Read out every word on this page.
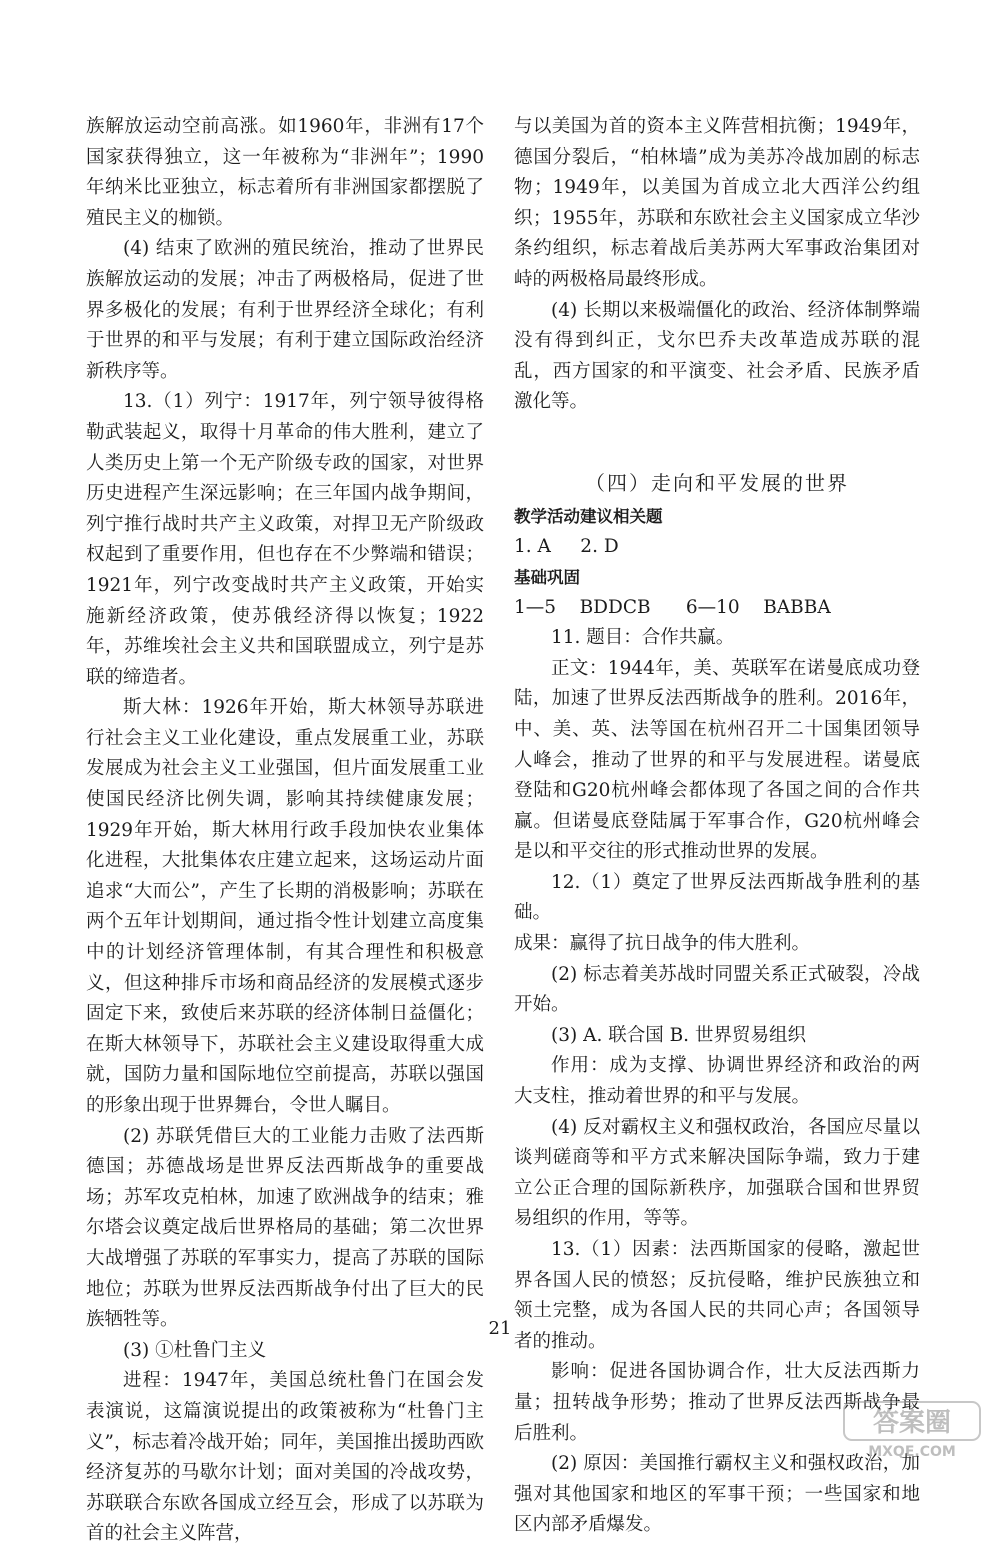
族解放运动空前高涨。如1960年，非洲有17个国家获得独立，这一年被称为“非洲年”；1990年纳米比亚独立，标志着所有非洲国家都摆脱了殖民主义的枷锁。

(4) 结束了欧洲的殖民统治，推动了世界民族解放运动的发展；冲击了两极格局，促进了世界多极化的发展；有利于世界经济全球化；有利于世界的和平与发展；有利于建立国际政治经济新秩序等。

13.（1）列宁：1917年，列宁领导彼得格勒武装起义，取得十月革命的伟大胜利，建立了人类历史上第一个无产阶级专政的国家，对世界历史进程产生深远影响；在三年国内战争期间，列宁推行战时共产主义政策，对捍卫无产阶级政权起到了重要作用，但也存在不少弊端和错误；1921年，列宁改变战时共产主义政策，开始实施新经济政策，使苏俄经济得以恢复；1922年，苏维埃社会主义共和国联盟成立，列宁是苏联的缔造者。

斯大林：1926年开始，斯大林领导苏联进行社会主义工业化建设，重点发展重工业，苏联发展成为社会主义工业强国，但片面发展重工业使国民经济比例失调，影响其持续健康发展；1929年开始，斯大林用行政手段加快农业集体化进程，大批集体农庄建立起来，这场运动片面追求“大而公”，产生了长期的消极影响；苏联在两个五年计划期间，通过指令性计划建立高度集中的计划经济管理体制，有其合理性和积极意义，但这种排斥市场和商品经济的发展模式逐步固定下来，致使后来苏联的经济体制日益僵化；在斯大林领导下，苏联社会主义建设取得重大成就，国防力量和国际地位空前提高，苏联以强国的形象出现于世界舞台，令世人瞩目。

(2) 苏联凭借巨大的工业能力击败了法西斯德国；苏德战场是世界反法西斯战争的重要战场；苏军攻克柏林，加速了欧洲战争的结束；雅尔塔会议奠定战后世界格局的基础；第二次世界大战增强了苏联的军事实力，提高了苏联的国际地位；苏联为世界反法西斯战争付出了巨大的民族牺牲等。

(3) ①杜鲁门主义

进程：1947年，美国总统杜鲁门在国会发表演说，这篇演说提出的政策被称为“杜鲁门主义”，标志着冷战开始；同年，美国推出援助西欧经济复苏的马歇尔计划；面对美国的冷战攻势，苏联联合东欧各国成立经互会，形成了以苏联为首的社会主义阵营，

与以美国为首的资本主义阵营相抗衡；1949年，德国分裂后，“柏林墙”成为美苏冷战加剧的标志物；1949年，以美国为首成立北大西洋公约组织；1955年，苏联和东欧社会主义国家成立华沙条约组织，标志着战后美苏两大军事政治集团对峙的两极格局最终形成。

(4) 长期以来极端僵化的政治、经济体制弊端没有得到纠正，戈尔巴乔夫改革造成苏联的混乱，西方国家的和平演变、社会矛盾、民族矛盾激化等。

（四）走向和平发展的世界

教学活动建议相关题

1. A     2. D

基础巩固

1—5    BDDCB      6—10    BABBA

11. 题目：合作共赢。

正文：1944年，美、英联军在诺曼底成功登陆，加速了世界反法西斯战争的胜利。2016年，中、美、英、法等国在杭州召开二十国集团领导人峰会，推动了世界的和平与发展进程。诺曼底登陆和G20杭州峰会都体现了各国之间的合作共赢。但诺曼底登陆属于军事合作，G20杭州峰会是以和平交往的形式推动世界的发展。

12.（1）奠定了世界反法西斯战争胜利的基础。

成果：赢得了抗日战争的伟大胜利。

(2) 标志着美苏战时同盟关系正式破裂，冷战开始。

(3) A. 联合国 B. 世界贸易组织

作用：成为支撑、协调世界经济和政治的两大支柱，推动着世界的和平与发展。

(4) 反对霸权主义和强权政治，各国应尽量以谈判磋商等和平方式来解决国际争端，致力于建立公正合理的国际新秩序，加强联合国和世界贸易组织的作用，等等。

13.（1）因素：法西斯国家的侵略，激起世界各国人民的愤怒；反抗侵略，维护民族独立和领土完整，成为各国人民的共同心声；各国领导者的推动。

影响：促进各国协调合作，壮大反法西斯力量；扭转战争形势；推动了世界反法西斯战争最后胜利。

(2) 原因：美国推行霸权主义和强权政治，加强对其他国家和地区的军事干预；一些国家和地区内部矛盾爆发。

21
答案圈
MXQE.COM
